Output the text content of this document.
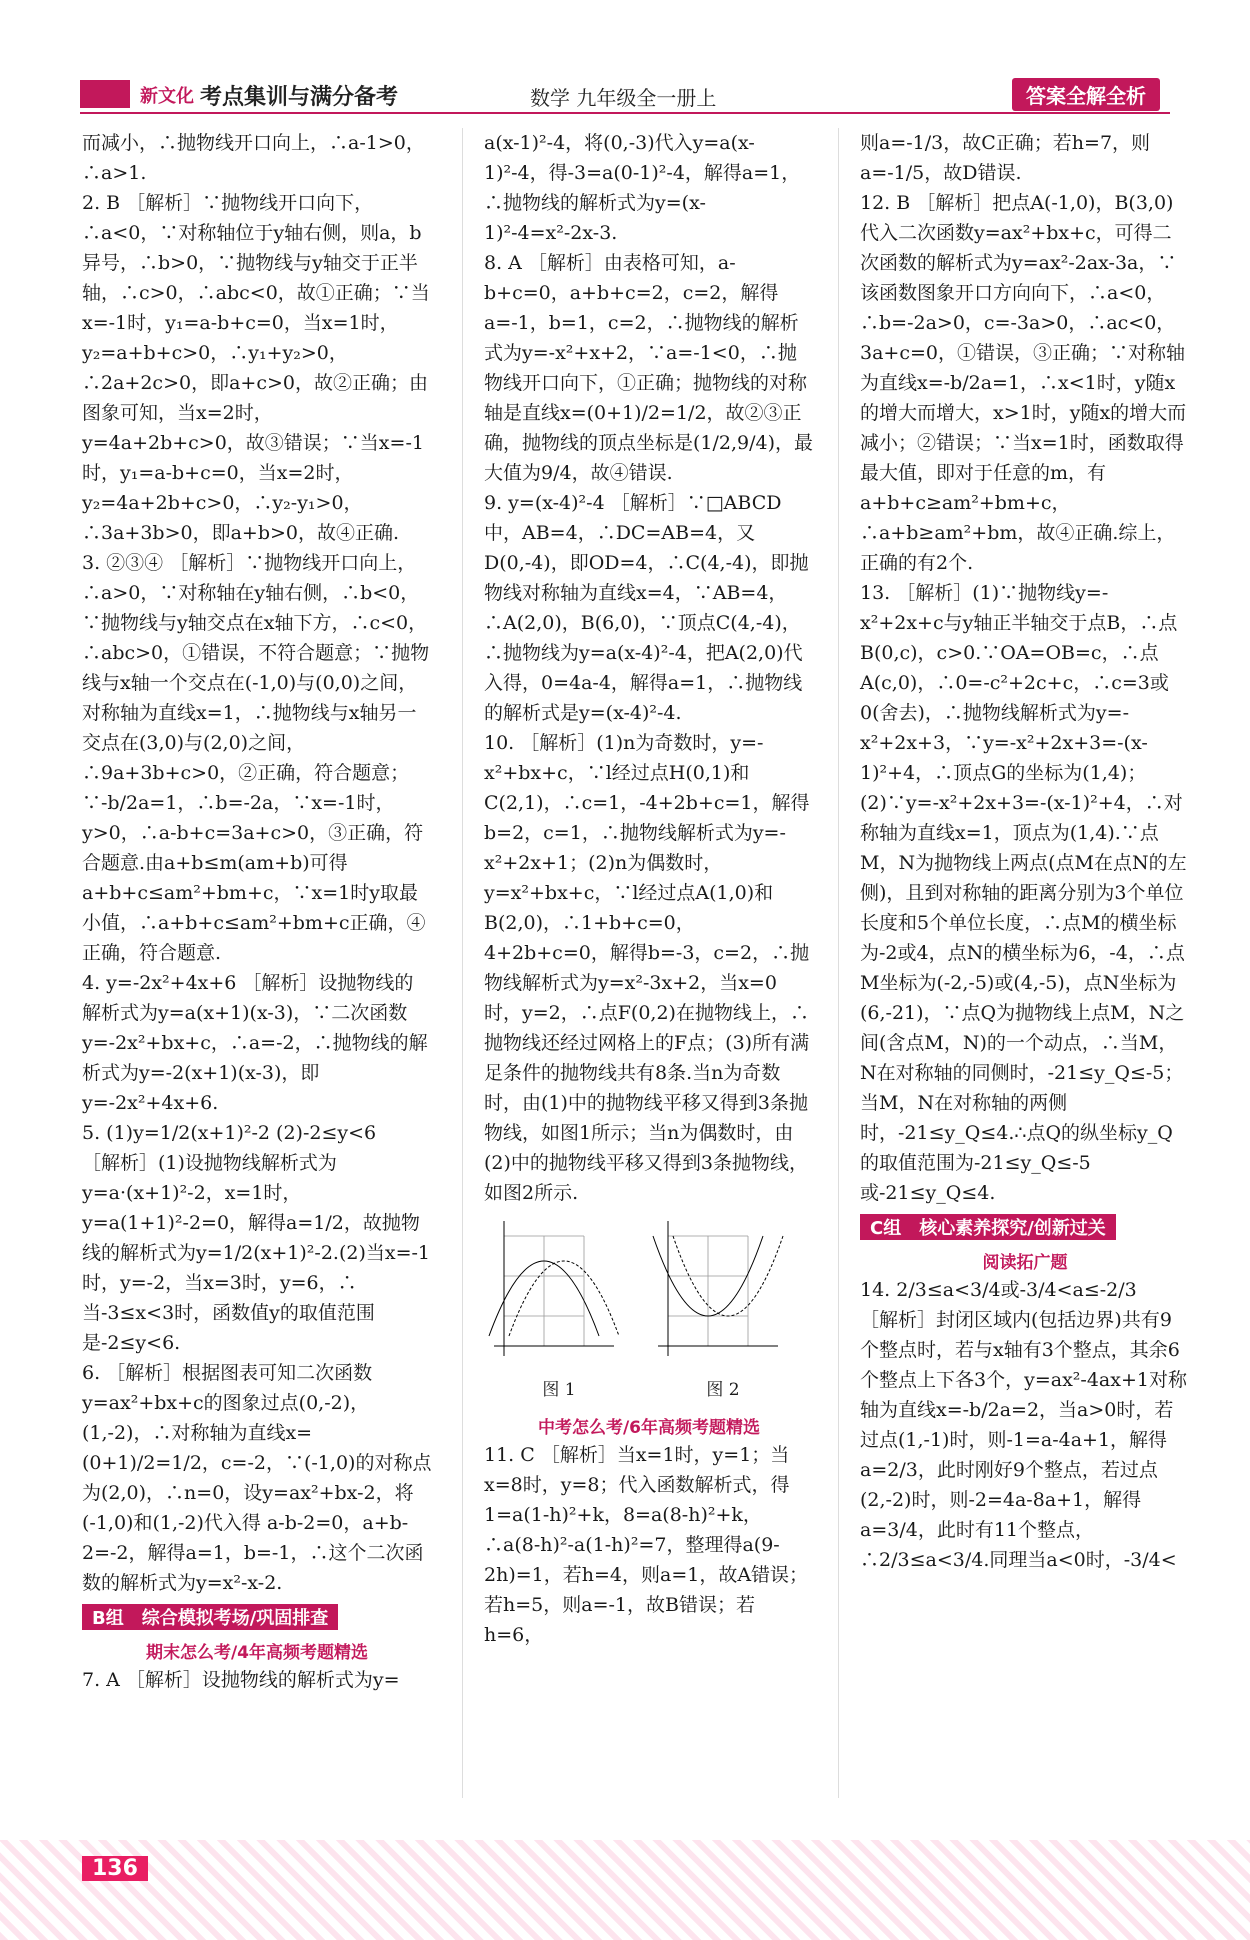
新文化 考点集训与满分备考	数学 九年级全一册上	答案全解全析

而减小，∴抛物线开口向上，∴a-1>0，∴a>1.

2. B ［解析］∵抛物线开口向下，∴a<0，∵对称轴位于y轴右侧，则a，b异号，∴b>0，∵抛物线与y轴交于正半轴，∴c>0，∴abc<0，故①正确；∵当x=-1时，y₁=a-b+c=0，当x=1时，y₂=a+b+c>0，∴y₁+y₂>0，∴2a+2c>0，即a+c>0，故②正确；由图象可知，当x=2时，y=4a+2b+c>0，故③错误；∵当x=-1时，y₁=a-b+c=0，当x=2时，y₂=4a+2b+c>0，∴y₂-y₁>0，∴3a+3b>0，即a+b>0，故④正确.

3. ②③④ ［解析］∵抛物线开口向上，∴a>0，∵对称轴在y轴右侧，∴b<0，∵抛物线与y轴交点在x轴下方，∴c<0，∴abc>0，①错误，不符合题意；∵抛物线与x轴一个交点在(-1,0)与(0,0)之间，对称轴为直线x=1，∴抛物线与x轴另一交点在(3,0)与(2,0)之间，∴9a+3b+c>0，②正确，符合题意；∵-b/2a=1，∴b=-2a，∵x=-1时，y>0，∴a-b+c=3a+c>0，③正确，符合题意.由a+b≤m(am+b)可得a+b+c≤am²+bm+c，∵x=1时y取最小值，∴a+b+c≤am²+bm+c正确，④正确，符合题意.

4. y=-2x²+4x+6 ［解析］设抛物线的解析式为y=a(x+1)(x-3)，∵二次函数y=-2x²+bx+c，∴a=-2，∴抛物线的解析式为y=-2(x+1)(x-3)，即y=-2x²+4x+6.

5. (1)y=1/2(x+1)²-2 (2)-2≤y<6

［解析］(1)设抛物线解析式为y=a·(x+1)²-2，x=1时，y=a(1+1)²-2=0，解得a=1/2，故抛物线的解析式为y=1/2(x+1)²-2.(2)当x=-1时，y=-2，当x=3时，y=6，∴当-3≤x<3时，函数值y的取值范围是-2≤y<6.

6. ［解析］根据图表可知二次函数y=ax²+bx+c的图象过点(0,-2)，(1,-2)，∴对称轴为直线x=(0+1)/2=1/2，c=-2，∵(-1,0)的对称点为(2,0)，∴n=0，设y=ax²+bx-2，将(-1,0)和(1,-2)代入得 a-b-2=0，a+b-2=-2，解得a=1，b=-1，∴这个二次函数的解析式为y=x²-x-2.

B组　综合模拟考场/巩固排查
期末怎么考/4年高频考题精选

7. A ［解析］设抛物线的解析式为y=

a(x-1)²-4，将(0,-3)代入y=a(x-1)²-4，得-3=a(0-1)²-4，解得a=1，∴抛物线的解析式为y=(x-1)²-4=x²-2x-3.

8. A ［解析］由表格可知，a-b+c=0，a+b+c=2，c=2，解得a=-1，b=1，c=2，∴抛物线的解析式为y=-x²+x+2，∵a=-1<0，∴抛物线开口向下，①正确；抛物线的对称轴是直线x=(0+1)/2=1/2，故②③正确，抛物线的顶点坐标是(1/2,9/4)，最大值为9/4，故④错误.

9. y=(x-4)²-4 ［解析］∵□ABCD中，AB=4，∴DC=AB=4，又D(0,-4)，即OD=4，∴C(4,-4)，即抛物线对称轴为直线x=4，∵AB=4，∴A(2,0)，B(6,0)，∵顶点C(4,-4)，∴抛物线为y=a(x-4)²-4，把A(2,0)代入得，0=4a-4，解得a=1，∴抛物线的解析式是y=(x-4)²-4.

10. ［解析］(1)n为奇数时，y=-x²+bx+c，∵l经过点H(0,1)和C(2,1)，∴c=1，-4+2b+c=1，解得b=2，c=1，∴抛物线解析式为y=-x²+2x+1；(2)n为偶数时，y=x²+bx+c，∵l经过点A(1,0)和B(2,0)，∴1+b+c=0，4+2b+c=0，解得b=-3，c=2，∴抛物线解析式为y=x²-3x+2，当x=0时，y=2，∴点F(0,2)在抛物线上，∴抛物线还经过网格上的F点；(3)所有满足条件的抛物线共有8条.当n为奇数时，由(1)中的抛物线平移又得到3条抛物线，如图1所示；当n为偶数时，由(2)中的抛物线平移又得到3条抛物线，如图2所示.

图 1	图 2
中考怎么考/6年高频考题精选

11. C ［解析］当x=1时，y=1；当x=8时，y=8；代入函数解析式，得 1=a(1-h)²+k，8=a(8-h)²+k，∴a(8-h)²-a(1-h)²=7，整理得a(9-2h)=1，若h=4，则a=1，故A错误；若h=5，则a=-1，故B错误；若h=6，

则a=-1/3，故C正确；若h=7，则a=-1/5，故D错误.

12. B ［解析］把点A(-1,0)，B(3,0)代入二次函数y=ax²+bx+c，可得二次函数的解析式为y=ax²-2ax-3a，∵该函数图象开口方向向下，∴a<0，∴b=-2a>0，c=-3a>0，∴ac<0，3a+c=0，①错误，③正确；∵对称轴为直线x=-b/2a=1，∴x<1时，y随x的增大而增大，x>1时，y随x的增大而减小；②错误；∵当x=1时，函数取得最大值，即对于任意的m，有a+b+c≥am²+bm+c，∴a+b≥am²+bm，故④正确.综上，正确的有2个.

13. ［解析］(1)∵抛物线y=-x²+2x+c与y轴正半轴交于点B，∴点B(0,c)，c>0.∵OA=OB=c，∴点A(c,0)，∴0=-c²+2c+c，∴c=3或0(舍去)，∴抛物线解析式为y=-x²+2x+3，∵y=-x²+2x+3=-(x-1)²+4，∴顶点G的坐标为(1,4)；(2)∵y=-x²+2x+3=-(x-1)²+4，∴对称轴为直线x=1，顶点为(1,4).∵点M，N为抛物线上两点(点M在点N的左侧)，且到对称轴的距离分别为3个单位长度和5个单位长度，∴点M的横坐标为-2或4，点N的横坐标为6，-4，∴点M坐标为(-2,-5)或(4,-5)，点N坐标为(6,-21)，∵点Q为抛物线上点M，N之间(含点M，N)的一个动点，∴当M，N在对称轴的同侧时，-21≤y_Q≤-5；当M，N在对称轴的两侧时，-21≤y_Q≤4.∴点Q的纵坐标y_Q的取值范围为-21≤y_Q≤-5或-21≤y_Q≤4.

C组　核心素养探究/创新过关
阅读拓广题

14. 2/3≤a<3/4或-3/4<a≤-2/3

［解析］封闭区域内(包括边界)共有9个整点时，若与x轴有3个整点，其余6个整点上下各3个，y=ax²-4ax+1对称轴为直线x=-b/2a=2，当a>0时，若过点(1,-1)时，则-1=a-4a+1，解得a=2/3，此时刚好9个整点，若过点(2,-2)时，则-2=4a-8a+1，解得a=3/4，此时有11个整点，∴2/3≤a<3/4.同理当a<0时，-3/4<

136
